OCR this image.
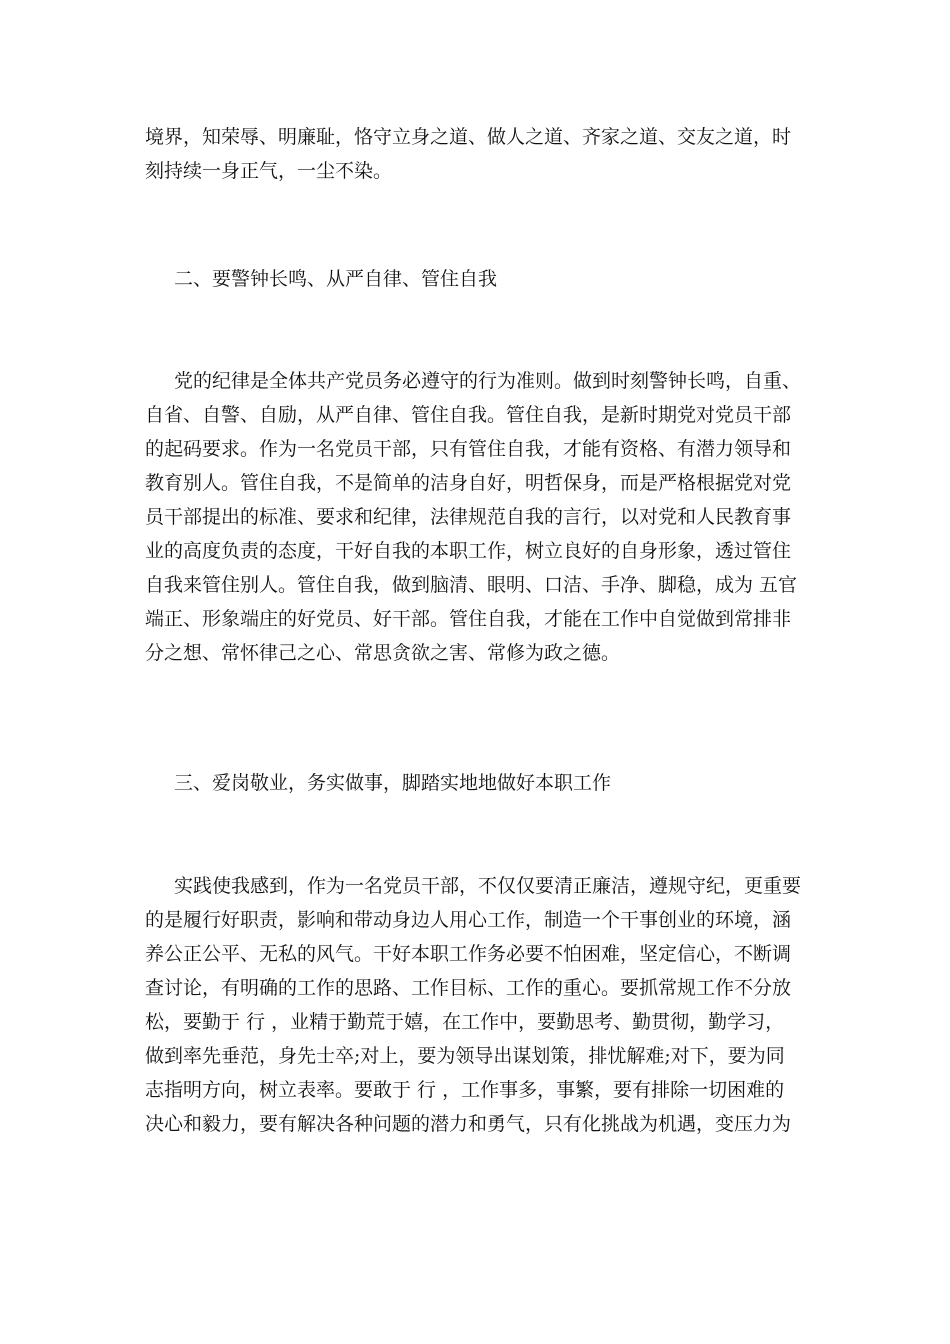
境界，知荣辱、明廉耻，恪守立身之道、做人之道、齐家之道、交友之道，时
刻持续一身正气，一尘不染。
二、要警钟长鸣、从严自律、管住自我
党的纪律是全体共产党员务必遵守的行为准则。做到时刻警钟长鸣，自重、
自省、自警、自励，从严自律、管住自我。管住自我，是新时期党对党员干部
的起码要求。作为一名党员干部，只有管住自我，才能有资格、有潜力领导和
教育别人。管住自我，不是简单的洁身自好，明哲保身，而是严格根据党对党
员干部提出的标准、要求和纪律，法律规范自我的言行，以对党和人民教育事
业的高度负责的态度，干好自我的本职工作，树立良好的自身形象，透过管住
自我来管住别人。管住自我，做到脑清、眼明、口洁、手净、脚稳，成为 五官
端正、形象端庄的好党员、好干部。管住自我，才能在工作中自觉做到常排非
分之想、常怀律己之心、常思贪欲之害、常修为政之德。
三、爱岗敬业，务实做事，脚踏实地地做好本职工作
实践使我感到，作为一名党员干部，不仅仅要清正廉洁，遵规守纪，更重要
的是履行好职责，影响和带动身边人用心工作，制造一个干事创业的环境，涵
养公正公平、无私的风气。干好本职工作务必要不怕困难，坚定信心，不断调
查讨论，有明确的工作的思路、工作目标、工作的重心。要抓常规工作不分放
松，要勤于 行 ，业精于勤荒于嬉，在工作中，要勤思考、勤贯彻，勤学习，
做到率先垂范，身先士卒;对上，要为领导出谋划策，排忧解难;对下，要为同
志指明方向，树立表率。要敢于 行 ，工作事多，事繁，要有排除一切困难的
决心和毅力，要有解决各种问题的潜力和勇气，只有化挑战为机遇，变压力为
